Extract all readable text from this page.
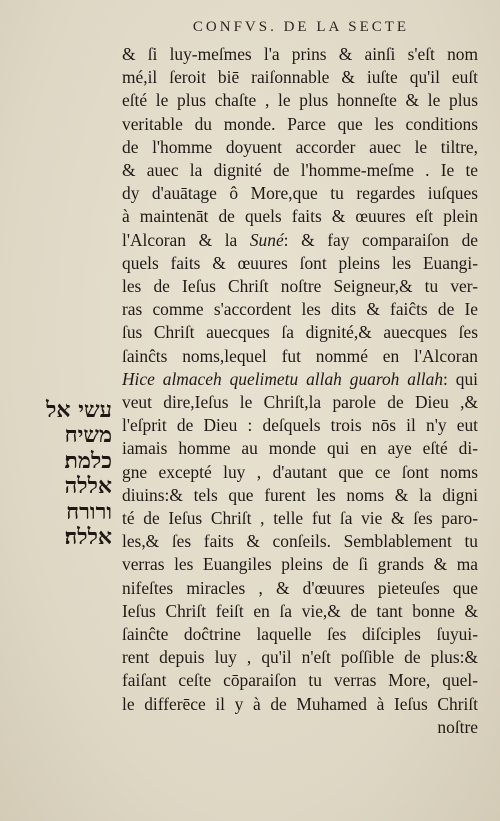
CONFVS. DE LA SECTE
& ſi luy-meſmes l'a prins & ainſi s'eſt nom
mé,il ſeroit biē raiſonnable & iuſte qu'il euſt
eſté le plus chaſte , le plus honneſte & le plus
veritable du monde. Parce que les conditions
de l'homme doyuent accorder auec le tiltre,
& auec la dignité de l'homme-meſme . Ie te
dy d'auātage ô More,que tu regardes iuſques
à maintenāt de quels faits & œuures eſt plein
l'Alcoran & la Suné: & fay comparaiſon de
quels faits & œuures ſont pleins les Euangi-
les de Ieſus Chriſt noſtre Seigneur,& tu ver-
ras comme s'accordent les dits & faiĉts de Ie
ſus Chriſt auecques ſa dignité,& auecques ſes
ſainĉts noms,lequel fut nommé en l'Alcoran
Hice almaceh quelimetu allah guaroh allah: qui
veut dire,Ieſus le Chriſt,la parole de Dieu ,&
l'eſprit de Dieu : deſquels trois nōs il n'y eut
iamais homme au monde qui en aye eſté di-
gne excepté luy , d'autant que ce ſont noms
diuins:& tels que furent les noms & la digni
té de Ieſus Chriſt , telle fut ſa vie & ſes paro-
les,& ſes faits & conſeils. Semblablement tu
verras les Euangiles pleins de ſi grands & ma
nifeſtes miracles , & d'œuures pieteuſes que
Ieſus Chriſt feiſt en ſa vie,& de tant bonne &
ſainĉte doĉtrine laquelle ſes diſciples ſuyui-
rent depuis luy , qu'il n'eſt poſſible de plus:&
faiſant ceſte cōparaiſon tu verras More, quel-
le differēce il y à de Muhamed à Ieſus Chriſt
noſtre
עשי אל
משיח
כלמת׃
אללה
ורורח
אללה׃
